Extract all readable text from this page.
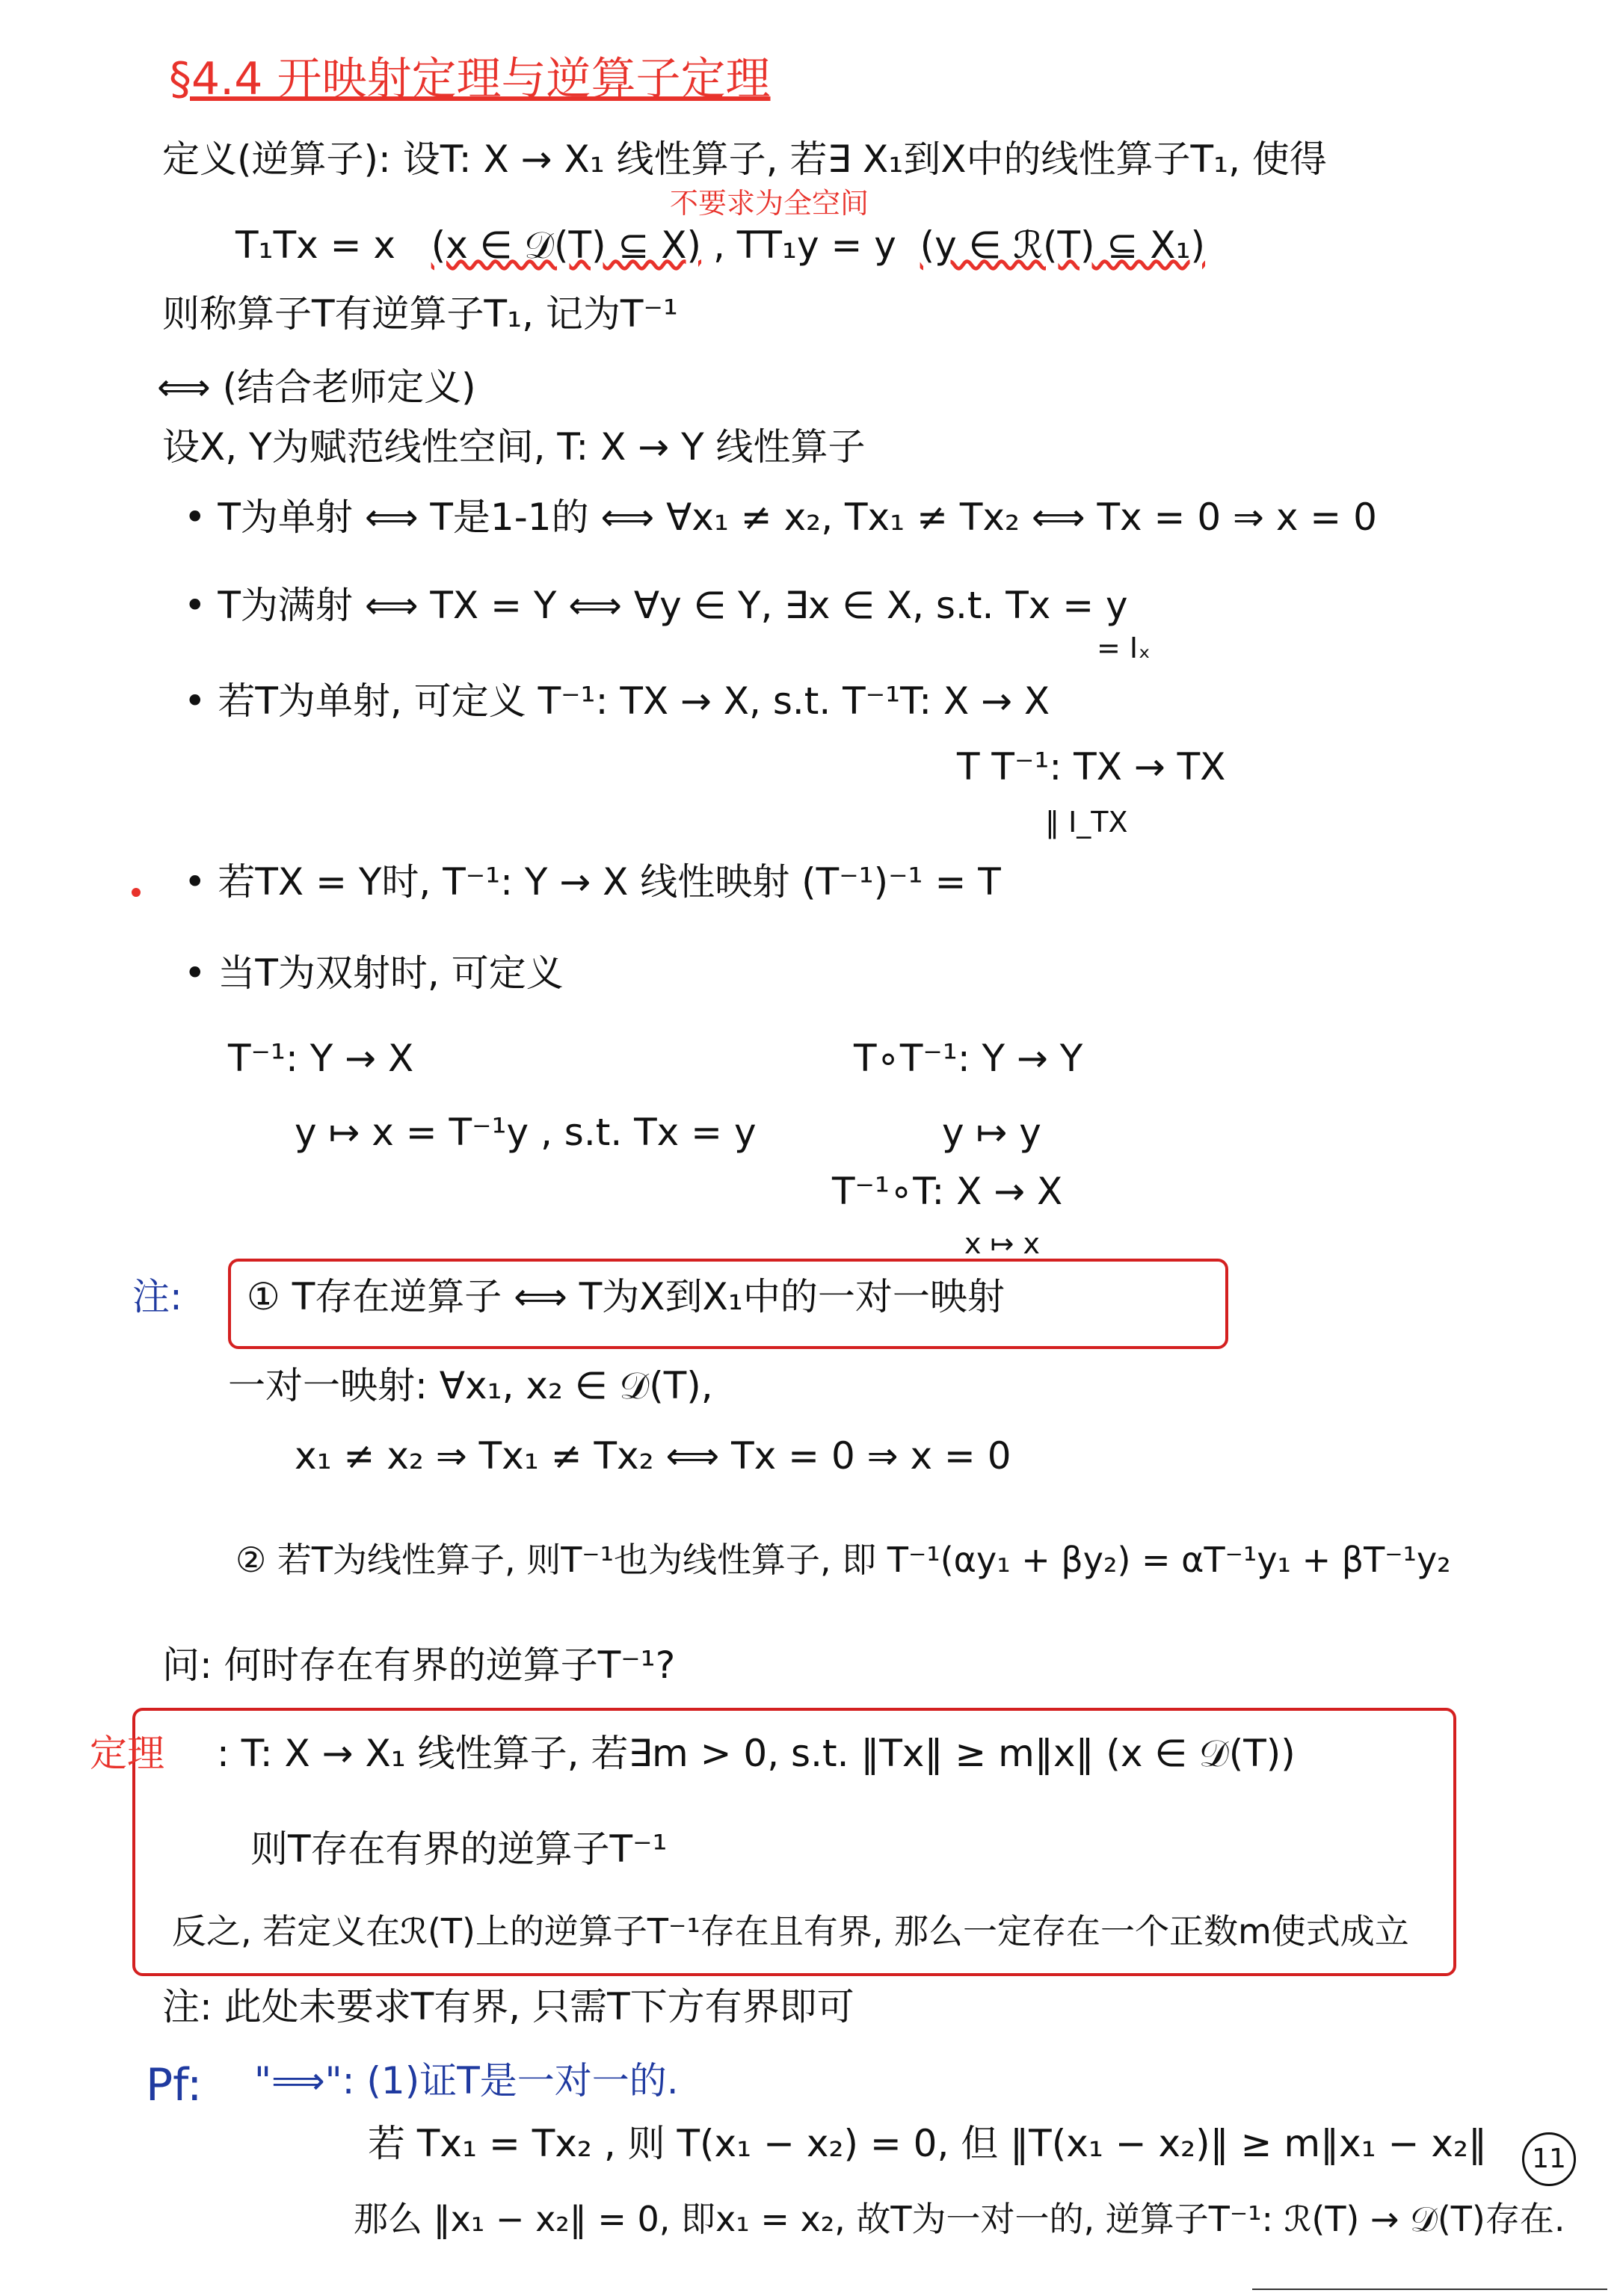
§4.4 开映射定理与逆算子定理
定义(逆算子): 设T: X → X₁ 线性算子, 若∃ X₁到X中的线性算子T₁, 使得
不要求为全空间
T₁Tx = x (x ∈ 𝒟(T) ⊆ X) , TT₁y = y (y ∈ ℛ(T) ⊆ X₁)
则称算子T有逆算子T₁, 记为T⁻¹
⟺ (结合老师定义)
设X, Y为赋范线性空间, T: X → Y 线性算子
• T为单射 ⟺ T是1-1的 ⟺ ∀x₁ ≠ x₂, Tx₁ ≠ Tx₂ ⟺ Tx = 0 ⇒ x = 0
• T为满射 ⟺ TX = Y ⟺ ∀y ∈ Y, ∃x ∈ X, s.t. Tx = y
= Iₓ
• 若T为单射, 可定义 T⁻¹: TX → X, s.t. T⁻¹T: X → X
T T⁻¹: TX → TX
‖ I_TX
• 若TX = Y时, T⁻¹: Y → X 线性映射 (T⁻¹)⁻¹ = T
• 当T为双射时, 可定义
T⁻¹: Y → X
y ↦ x = T⁻¹y , s.t. Tx = y
T∘T⁻¹: Y → Y
y ↦ y
T⁻¹∘T: X → X
x ↦ x
注: ① T存在逆算子 ⟺ T为X到X₁中的一对一映射
一对一映射: ∀x₁, x₂ ∈ 𝒟(T),
x₁ ≠ x₂ ⇒ Tx₁ ≠ Tx₂ ⟺ Tx = 0 ⇒ x = 0
② 若T为线性算子, 则T⁻¹也为线性算子, 即 T⁻¹(αy₁ + βy₂) = αT⁻¹y₁ + βT⁻¹y₂
问: 何时存在有界的逆算子T⁻¹?
定理 : T: X → X₁ 线性算子, 若∃m > 0, s.t. ‖Tx‖ ≥ m‖x‖ (x ∈ 𝒟(T))
则T存在有界的逆算子T⁻¹
反之, 若定义在ℛ(T)上的逆算子T⁻¹存在且有界, 那么一定存在一个正数m使式成立
注: 此处未要求T有界, 只需T下方有界即可
Pf: "⟹": (1)证T是一对一的.
若 Tx₁ = Tx₂ , 则 T(x₁ − x₂) = 0, 但 ‖T(x₁ − x₂)‖ ≥ m‖x₁ − x₂‖
那么 ‖x₁ − x₂‖ = 0, 即x₁ = x₂, 故T为一对一的, 逆算子T⁻¹: ℛ(T) → 𝒟(T)存在.
11
